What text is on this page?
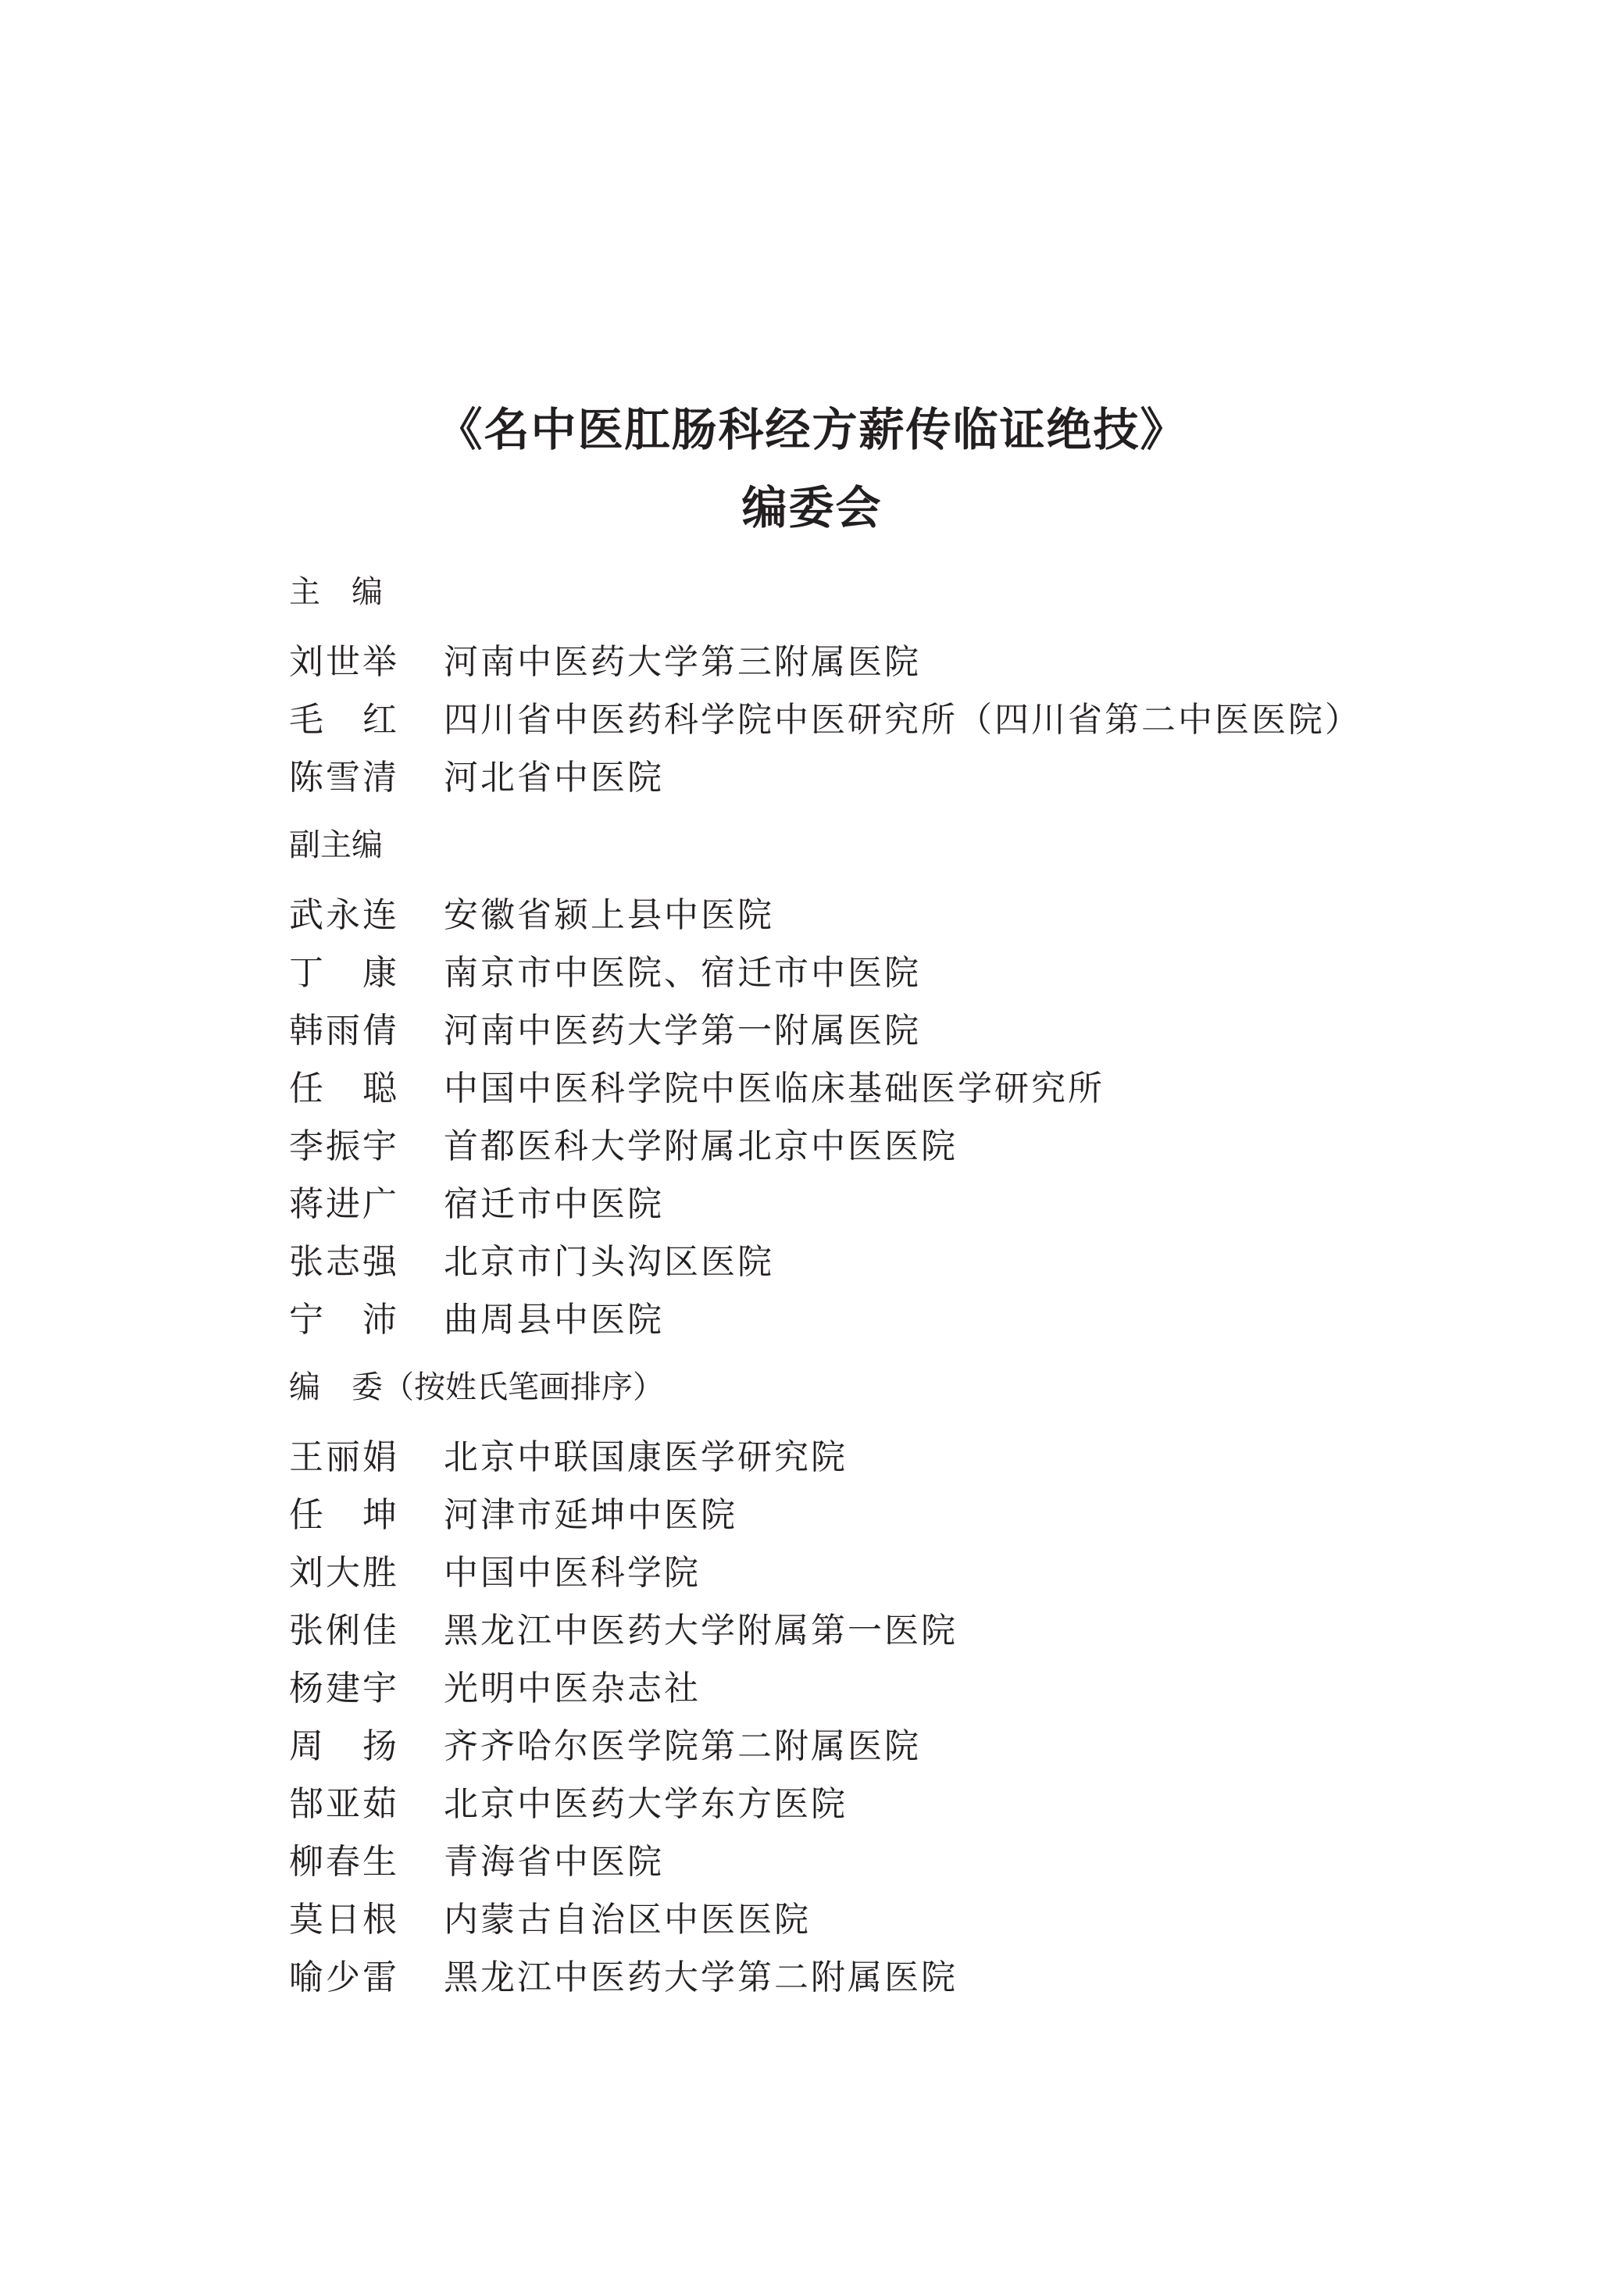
《名中医肛肠科经方薪传临证绝技》
编委会
主　编
刘世举	河南中医药大学第三附属医院
毛　红	四川省中医药科学院中医研究所（四川省第二中医医院）
陈雪清	河北省中医院
副主编
武永连	安徽省颍上县中医院
丁　康	南京市中医院、宿迁市中医院
韩雨倩	河南中医药大学第一附属医院
任　聪	中国中医科学院中医临床基础医学研究所
李振宇	首都医科大学附属北京中医医院
蒋进广	宿迁市中医院
张志强	北京市门头沟区医院
宁　沛	曲周县中医院
编　委（按姓氏笔画排序）
王丽娟	北京中联国康医学研究院
任　坤	河津市延坤中医院
刘大胜	中国中医科学院
张俐佳	黑龙江中医药大学附属第一医院
杨建宇	光明中医杂志社
周　扬	齐齐哈尔医学院第二附属医院
郜亚茹	北京中医药大学东方医院
柳春生	青海省中医院
莫日根	内蒙古自治区中医医院
喻少雷	黑龙江中医药大学第二附属医院
